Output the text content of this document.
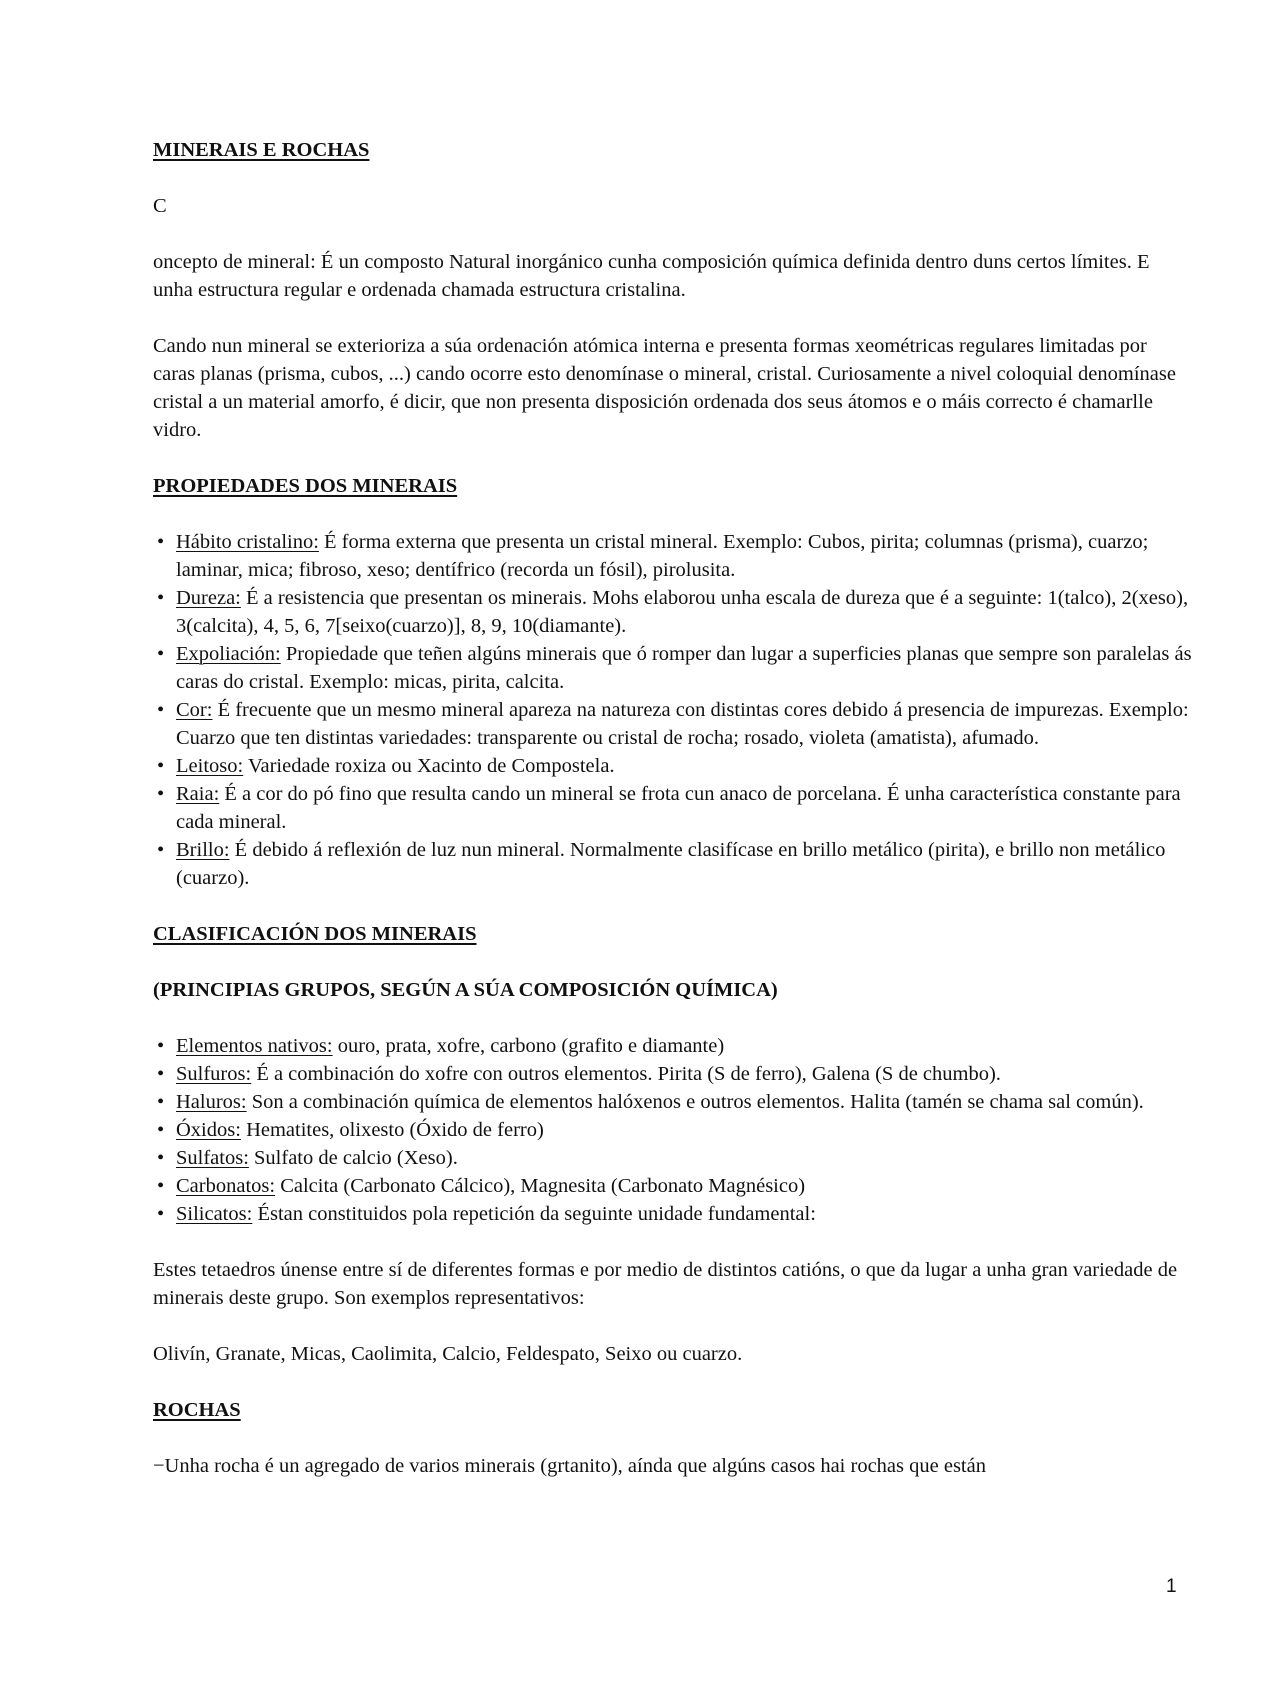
MINERAIS E ROCHAS

C

oncepto de mineral: É un composto Natural inorgánico cunha composición química definida dentro duns certos límites. E unha estructura regular e ordenada chamada estructura cristalina.

Cando nun mineral se exterioriza a súa ordenación atómica interna e presenta formas xeométricas regulares limitadas por caras planas (prisma, cubos, ...) cando ocorre esto denomínase o mineral, cristal. Curiosamente a nivel coloquial denomínase cristal a un material amorfo, é dicir, que non presenta disposición ordenada dos seus átomos e o máis correcto é chamarlle vidro.

PROPIEDADES DOS MINERAIS

• Hábito cristalino: É forma externa que presenta un cristal mineral. Exemplo: Cubos, pirita; columnas (prisma), cuarzo; laminar, mica; fibroso, xeso; dentífrico (recorda un fósil), pirolusita.
• Dureza: É a resistencia que presentan os minerais. Mohs elaborou unha escala de dureza que é a seguinte: 1(talco), 2(xeso), 3(calcita), 4, 5, 6, 7[seixo(cuarzo)], 8, 9, 10(diamante).
• Expoliación: Propiedade que teñen algúns minerais que ó romper dan lugar a superficies planas que sempre son paralelas ás caras do cristal. Exemplo: micas, pirita, calcita.
• Cor: É frecuente que un mesmo mineral apareza na natureza con distintas cores debido á presencia de impurezas. Exemplo: Cuarzo que ten distintas variedades: transparente ou cristal de rocha; rosado, violeta (amatista), afumado.
• Leitoso: Variedade roxiza ou Xacinto de Compostela.
• Raia: É a cor do pó fino que resulta cando un mineral se frota cun anaco de porcelana. É unha característica constante para cada mineral.
• Brillo: É debido á reflexión de luz nun mineral. Normalmente clasifícase en brillo metálico (pirita), e brillo non metálico (cuarzo).

CLASIFICACIÓN DOS MINERAIS

(PRINCIPIAS GRUPOS, SEGÚN A SÚA COMPOSICIÓN QUÍMICA)

• Elementos nativos: ouro, prata, xofre, carbono (grafito e diamante)
• Sulfuros: É a combinación do xofre con outros elementos. Pirita (S de ferro), Galena (S de chumbo).
• Haluros: Son a combinación química de elementos halóxenos e outros elementos. Halita (tamén se chama sal común).
• Óxidos: Hematites, olixesto (Óxido de ferro)
• Sulfatos: Sulfato de calcio (Xeso).
• Carbonatos: Calcita (Carbonato Cálcico), Magnesita (Carbonato Magnésico)
• Silicatos: Éstan constituidos pola repetición da seguinte unidade fundamental:

Estes tetaedros únense entre sí de diferentes formas e por medio de distintos catións, o que da lugar a unha gran variedade de minerais deste grupo. Son exemplos representativos:

Olivín, Granate, Micas, Caolimita, Calcio, Feldespato, Seixo ou cuarzo.

ROCHAS

−Unha rocha é un agregado de varios minerais (grtanito), aínda que algúns casos hai rochas que están

1
